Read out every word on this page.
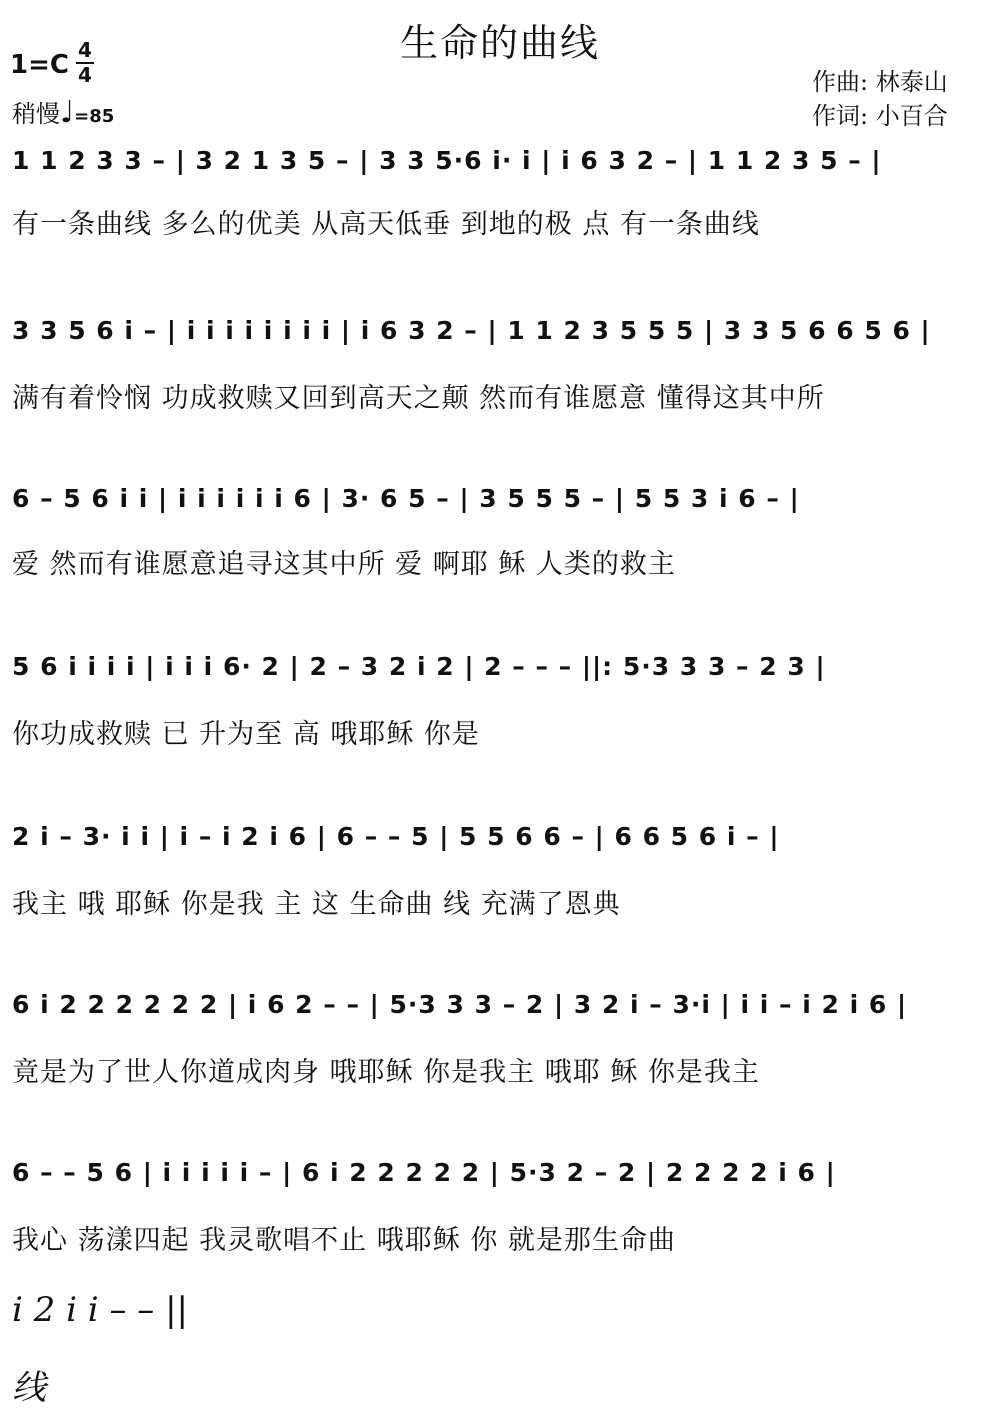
生命的曲线
1=C 4
4
稍慢♩=85
作曲: 林泰山
作词: 小百合
1 1 2 3 3 – | 3 2 1 3 5 – | 3 3 5·6 i· i | i 6 3 2 – | 1 1 2 3 5 – |
有一条曲线 多么的优美 从高天低垂 到地的极 点 有一条曲线
3 3 5 6 i – | i i i i i i i i | i 6 3 2 – | 1 1 2 3 5 5 5 | 3 3 5 6 6 5 6 |
满有着怜悯 功成救赎又回到高天之颠 然而有谁愿意 懂得这其中所
6 – 5 6 i i | i i i i i i 6 | 3· 6 5 – | 3 5 5 5 – | 5 5 3 i 6 – |
爱 然而有谁愿意追寻这其中所 爱 啊耶 稣 人类的救主
5 6 i i i i | i i i 6· 2 | 2 – 3 2 i 2 | 2 – – – ||: 5·3 3 3 – 2 3 |
你功成救赎 已 升为至 高 哦耶稣 你是
2 i – 3· i i | i – i 2 i 6 | 6 – – 5 | 5 5 6 6 – | 6 6 5 6 i – |
我主 哦 耶稣 你是我 主 这 生命曲 线 充满了恩典
6 i 2 2 2 2 2 2 | i 6 2 – – | 5·3 3 3 – 2 | 3 2 i – 3·i | i i – i 2 i 6 |
竟是为了世人你道成肉身 哦耶稣 你是我主 哦耶 稣 你是我主
6 – – 5 6 | i i i i i – | 6 i 2 2 2 2 2 | 5·3 2 – 2 | 2 2 2 2 i 6 |
我心 荡漾四起 我灵歌唱不止 哦耶稣 你 就是那生命曲
i 2 i i – – ||
线
